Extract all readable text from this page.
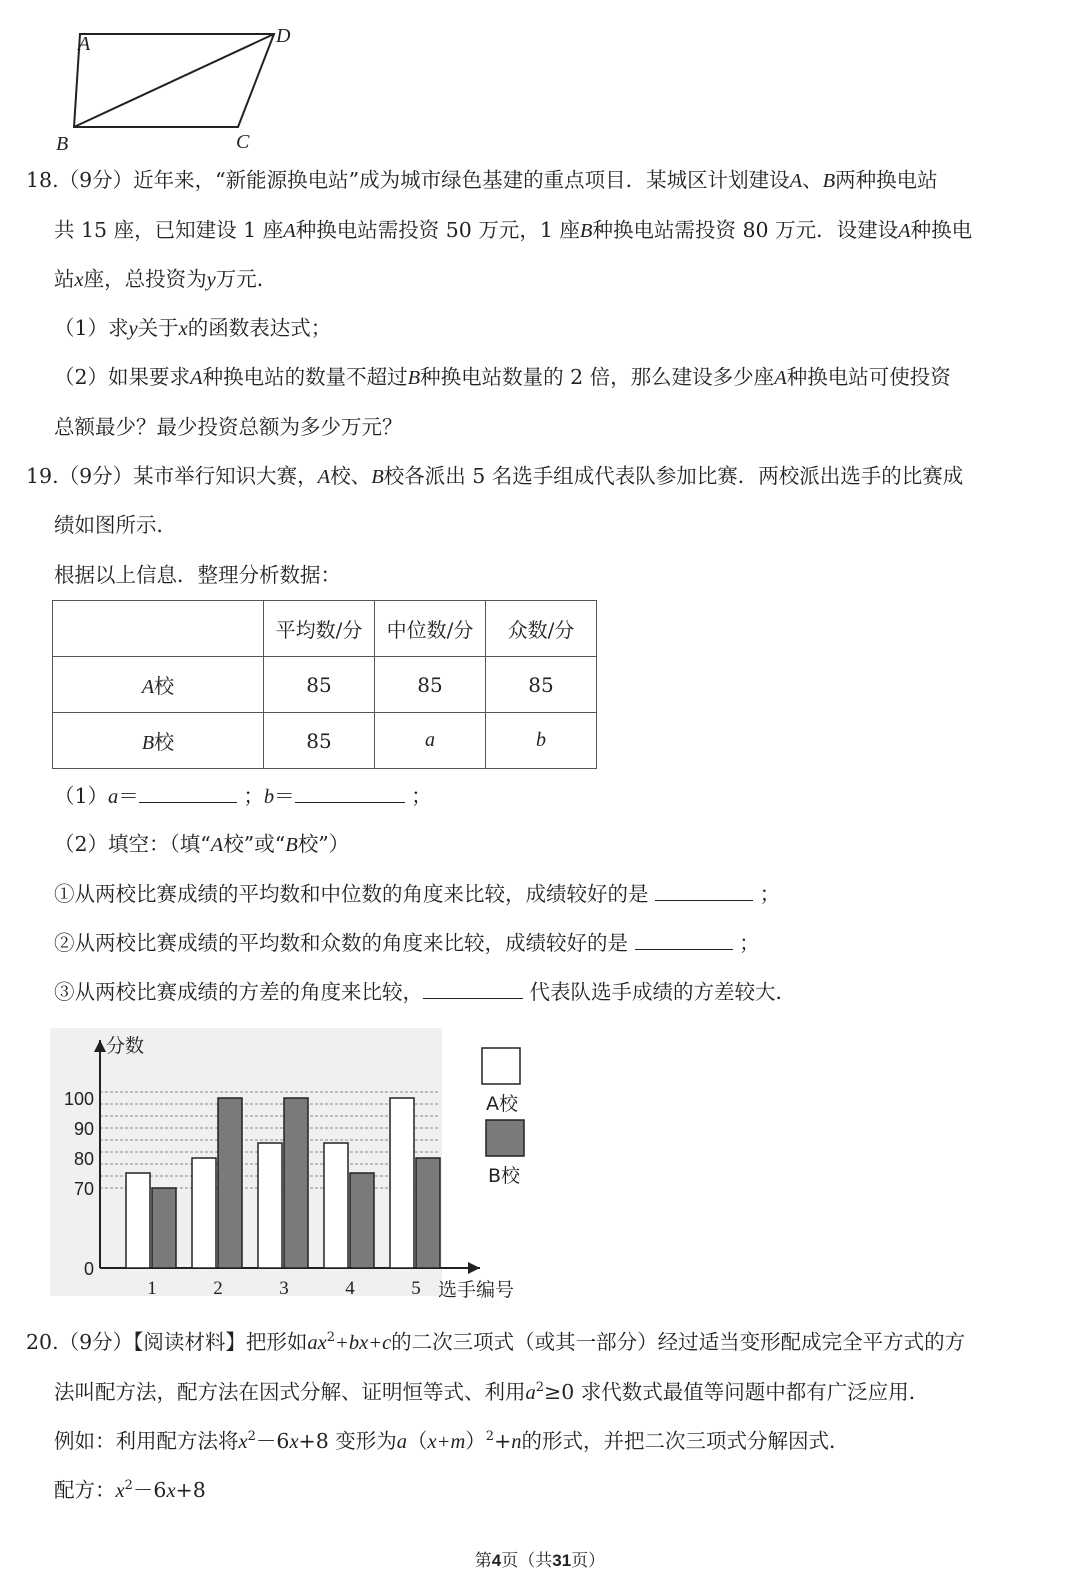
A	D
B	C
18.（9分）近年来，“新能源换电站”成为城市绿色基建的重点项目．某城区计划建设A、B两种换电站
共 15 座，已知建设 1 座A种换电站需投资 50 万元，1 座B种换电站需投资 80 万元．设建设A种换电
站x座，总投资为y万元．
（1）求y关于x的函数表达式；
（2）如果要求A种换电站的数量不超过B种换电站数量的 2 倍，那么建设多少座A种换电站可使投资
总额最少？最少投资总额为多少万元？
19.（9分）某市举行知识大赛，A校、B校各派出 5 名选手组成代表队参加比赛．两校派出选手的比赛成
绩如图所示．
根据以上信息．整理分析数据：
	平均数/分	中位数/分	众数/分
A校	85	85	85
B校	85	a	b
（1）a＝	；b＝	；
（2）填空：（填“A校”或“B校”）
①从两校比赛成绩的平均数和中位数的角度来比较，成绩较好的是	；
②从两校比赛成绩的平均数和众数的角度来比较，成绩较好的是	；
③从两校比赛成绩的方差的角度来比较，	代表队选手成绩的方差较大．
分数
0
70
80
90
100
1	2	3	4	5 选手编号
A校
B校
20.（9分）【阅读材料】把形如$ax^2+bx+c$的二次三项式（或其一部分）经过适当变形配成完全平方式的方
法叫配方法，配方法在因式分解、证明恒等式、利用$a^2\ge 0$ 求代数式最值等问题中都有广泛应用．
例如：利用配方法将$x^2-6x+8$ 变形为$a(x+m)^2+n$的形式，并把二次三项式分解因式．
配方：$x^2-6x+8$
第4页（共31页）
